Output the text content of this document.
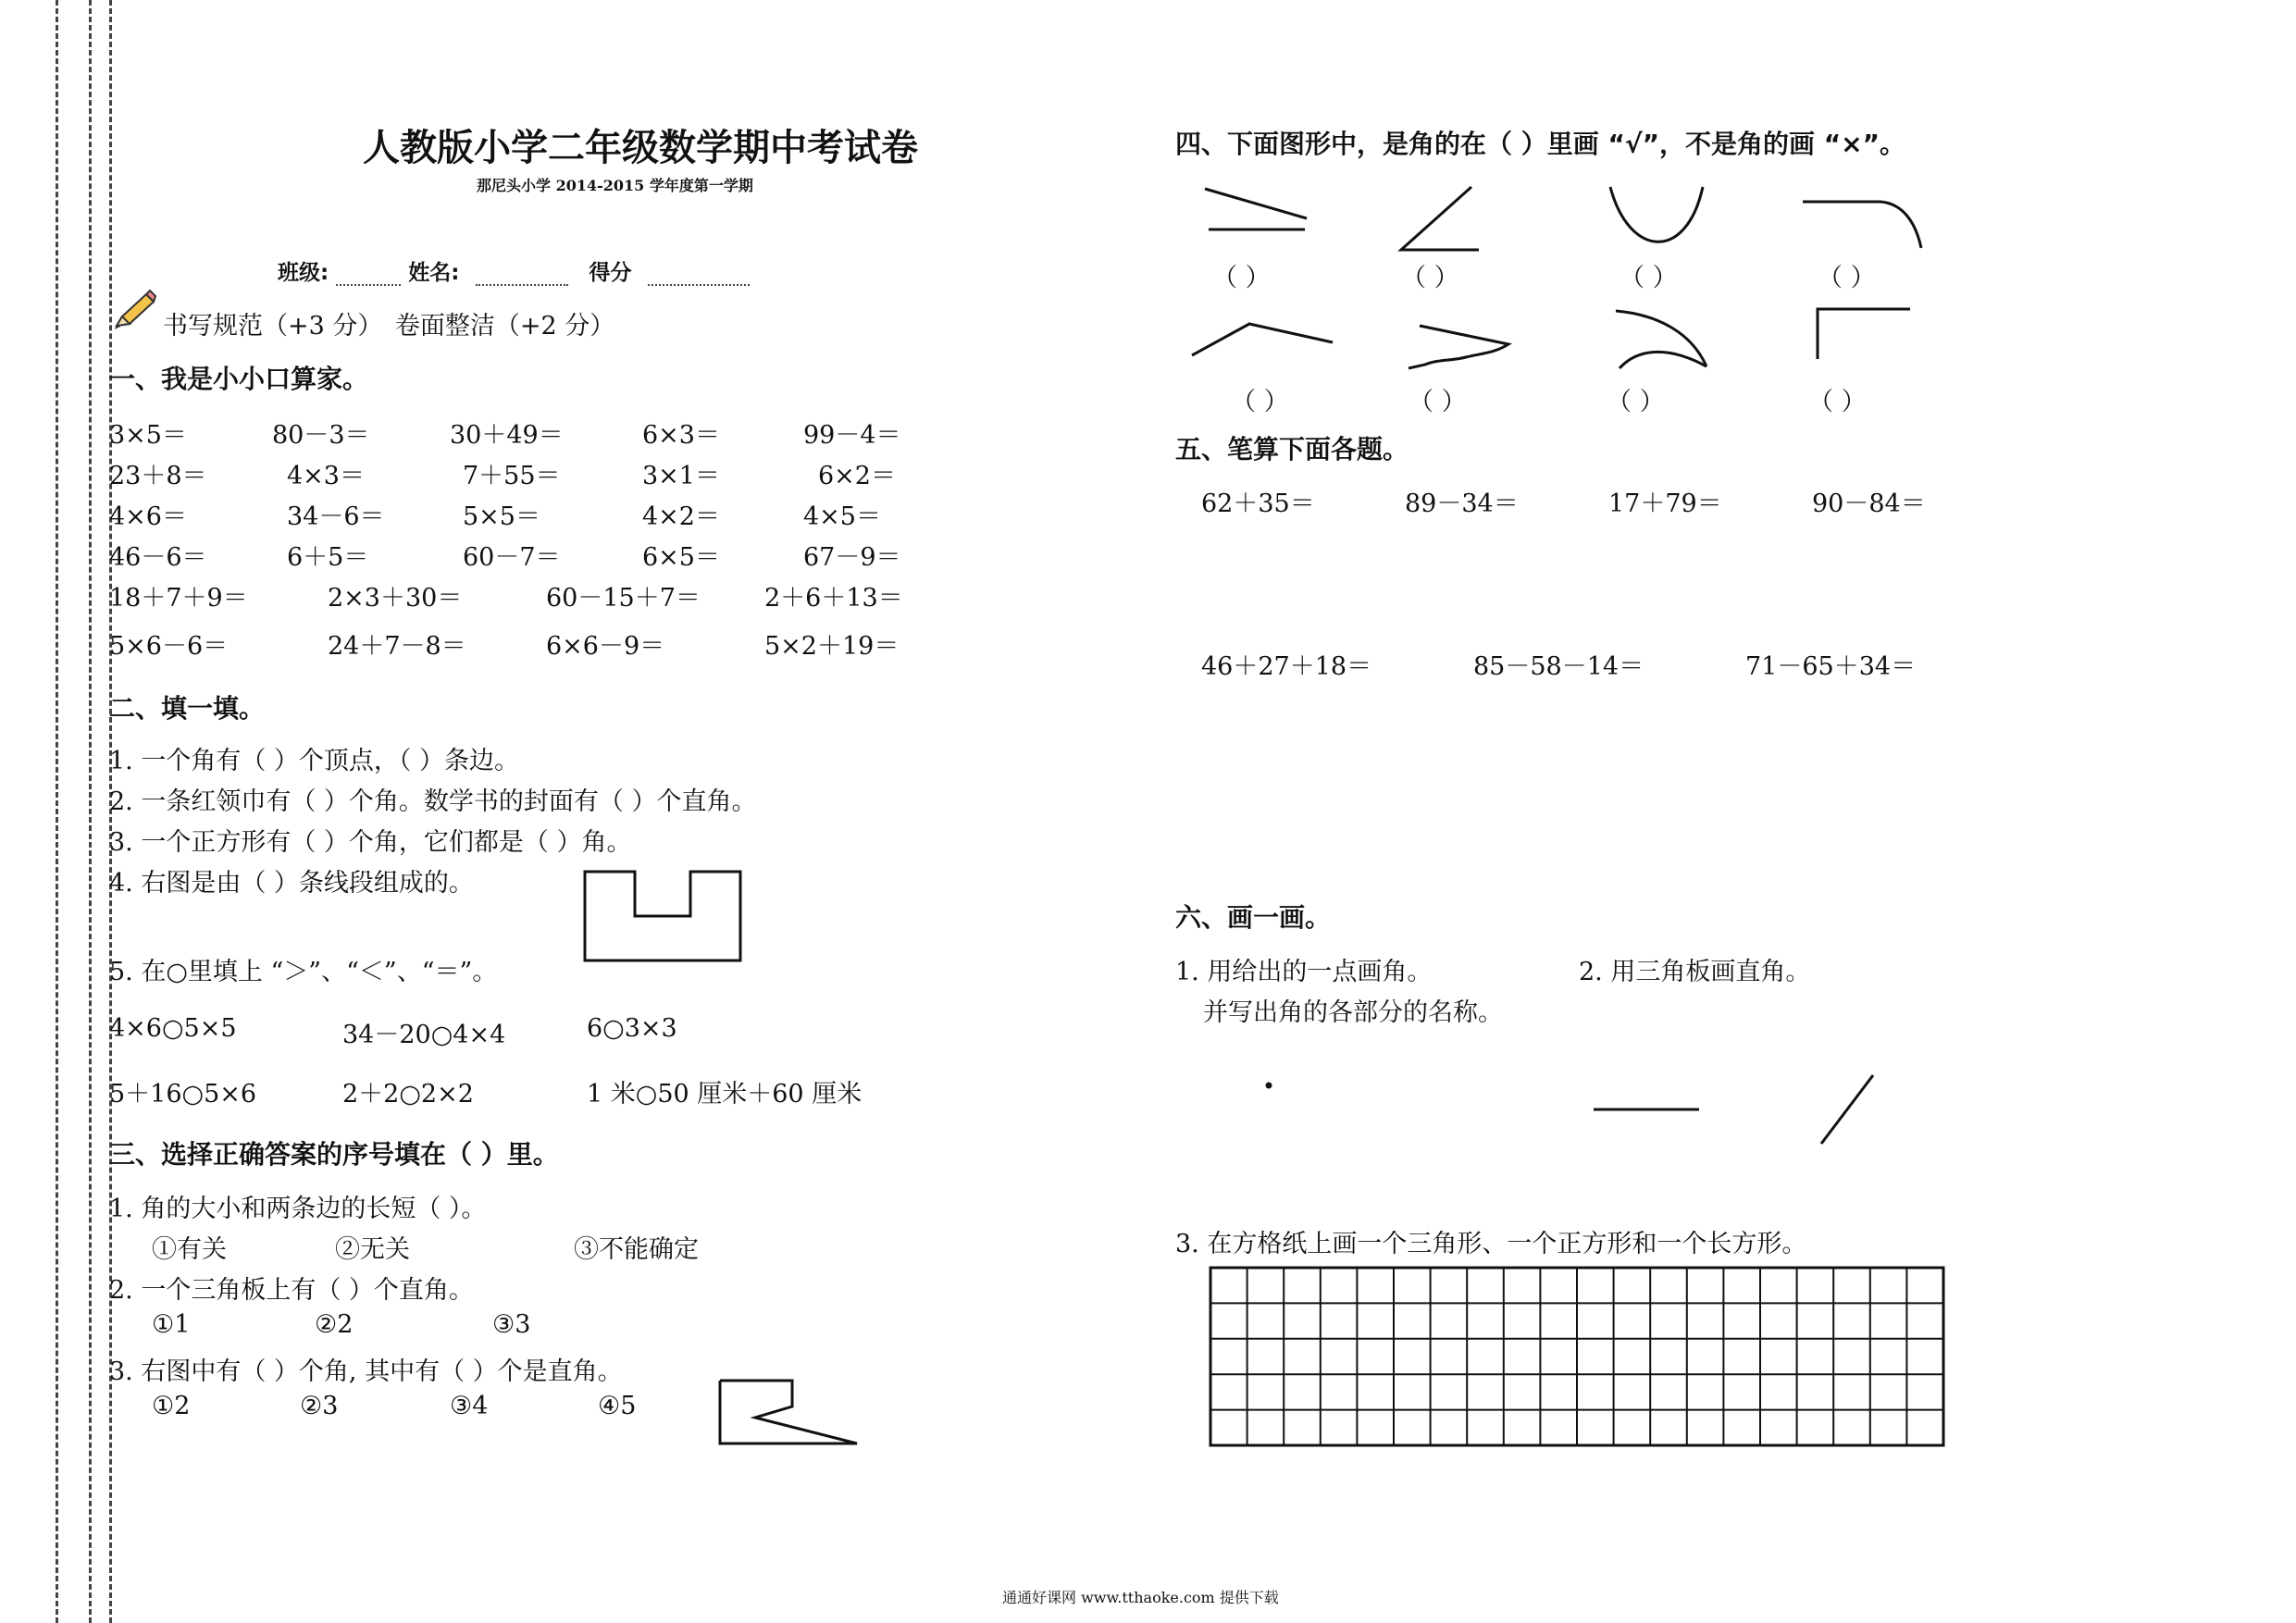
人教版小学二年级数学期中考试卷
那尼头小学 2014-2015 学年度第一学期
班级:	姓名:	得分
书写规范（+3 分）　卷面整洁（+2 分）
一、我是小小口算家。
3×5＝	80－3＝	30＋49＝	6×3＝	99－4＝
23＋8＝	4×3＝	7＋55＝	3×1＝	6×2＝
4×6＝	34－6＝	5×5＝	4×2＝	4×5＝
46－6＝	6＋5＝	60－7＝	6×5＝	67－9＝
18＋7＋9＝	2×3＋30＝	60－15＋7＝	2＋6＋13＝
5×6－6＝	24＋7－8＝	6×6－9＝	5×2＋19＝
二、填一填。
1. 一个角有（ ）个顶点，（ ）条边。
2. 一条红领巾有（ ）个角。数学书的封面有（ ）个直角。
3. 一个正方形有（ ）个角，它们都是（ ）角。
4. 右图是由（ ）条线段组成的。
5. 在○里填上 “＞”、“＜”、“＝”。
4×6○5×5	34－20○4×4	6○3×3
5＋16○5×6	2＋2○2×2	1 米○50 厘米＋60 厘米
三、选择正确答案的序号填在（ ）里。
1. 角的大小和两条边的长短（ ）。
①有关	②无关	③不能确定
2. 一个三角板上有（ ）个直角。
①1	②2	③3
3. 右图中有（ ）个角, 其中有（ ）个是直角。
①2	②3	③4	④5
四、下面图形中，是角的在（ ）里画 “√”，不是角的画 “×”。
（ ）	（ ）	（ ）	（ ）
（ ）	（ ）	（ ）	（ ）
五、笔算下面各题。
62＋35＝	89－34＝	17＋79＝	90－84＝
46＋27＋18＝	85－58－14＝	71－65＋34＝
六、画一画。
1. 用给出的一点画角。
并写出角的各部分的名称。
2. 用三角板画直角。
3. 在方格纸上画一个三角形、一个正方形和一个长方形。
通通好课网 www.tthaoke.com 提供下载
